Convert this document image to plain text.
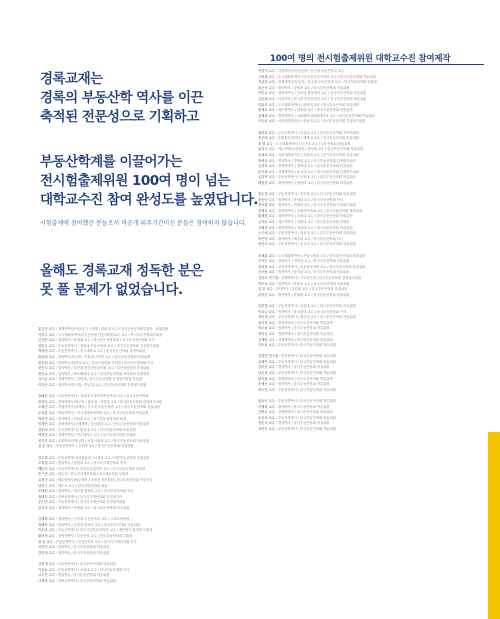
100여 명의 전시험출제위원 대학교수진 참여제작
경록교재는
경록의 부동산학 역사를 이끈
축적된 전문성으로 기획하고
부동산학계를 이끌어가는
전시험출제위원 100여 명이 넘는
대학교수진 참여 완성도를 높였답니다.
시험출제에 참여했던 분들로서 비공개 위주기간이신 분들은 참여하지 않습니다.
올해도 경록교재 정독한 분은
못 풀 문제가 없었습니다.
홍길산 교수 : 경제학박사/서울대 가시경제 / 한림대 교수 / 한국부동산학회부회장 · 편집위원
이지수 교수 : 도시계획학박사/부동산학원 전문대학원교수 교수 / 한국부동산학회부회장
김상헌 교수 : 법학박사 / 한림대 교수 / 한국부동산법학회 / 한국지식재산학회 이사
정민우 교수 : 부동산학박사 / 강남대 부동산학과 교수 / 한국부동산학회 감정평가위원
박지영 교수 : 부동산학박사 / 전주대학교 교수 / 한국부동산학회 지역학회장
최윤희 교수 : 법학박사/한국법 / 목원대 지역학 교수 / 한국부동산학회 학술위원
한승철 교수 : 법학박사/법학과 교수 / 부동산법학회 부회장 / 한국민사법학회 이사
조민지 교수 : 법학박사 / 부산대 법학전문대학원 교수 / 부산지방법원 조정위원
장인교 교수 : 법학박사 / 목포해양대 교수 / 한국부동산학회 지역학회 부회장장
김도윤 교수 : 경제학박사 / 강원대 / 한국부동산학회 감정평가위원 부회장
이하은 교수 : 법학박사/한국법 / 전남대 교수 / 한국부동산학회 감정평가위원
정혜준 교수 : 부동산학박사 / 강남대 부동산건축공학과 교수 / 한국부동산학회
최정일 교수 : 경영학박사/세무학 / 광운대 · 상경대 교수 / 한국부동산학회 감정평가위원
오세민 교수 : 경제학박사/경제학 / 건국대 부동산학과 교수 / 한국부동산학회 학술위원
윤성훈 교수 : 행정학박사 / 건국대행정대학원 교수 / 한국부동산학회 학술위원
박서연 교수 : 법학박사 / 전남대 교수 / 한국부동산법학회 회장
임재현 교수 : 경영학박사/국제경영 / 순천향대 교수 / 한국부동산학회 학술위원
강동희 교수 : 부동산학박사 / 명지대 교수 / 한국부동산학회 학술위원
백경민 교수 : 경제학박사 / 전주대학교 교수 / 한국부동산학회 부회장
신지호 교수 : 공학박사/건축공학 / 서울시립대 교수 / 한국부동산학회 학술위원
한 준 교수 : 부동산학박사 / 김천대 교수 / 한국부동산학회 학술위원
김주희 교수 : 부동산학박사/건설관리 / 서경대 교수 / 대한부동산학회 학술위원
오영철 교수 : 법학박사 / 창원대 교수 / 한국지식재산학회 이사
배민지 교수 : 부동산학박사 / 부동산산업학과 교수 / 한국부동산학회 부회장
송기현 교수 : 세무사 / 한국지식재산학회 / 한국세무학회 부회장
유정민 교수 : 세무학박사/세무경영 / 국세청 전문위원 / 한국부동산학회 학술이사
남현우 교수 : 세무사 교수 / 한국지방세학회 회장
조예린 교수 : 법학박사 / 대진대 법학과 교수 / 한국부동산학회 이사
권태호 교수 : 건축공학박사 / 한국지식재산학회 감정평가사
문수빈 교수 : 부동산학박사 / 한국지식재산학회 감정평가위원
류지석 교수 : 법학박사 / 목원대 교수 / 한국부동산학회 학술위원
김태희 교수 : 법학박사 / 건국대 부동산학과 교수 / 스포츠대학원
정해성 교수 : 법학박사 / 순천대 법학과 교수 / 한국부동산학회 학술위원
이소라 교수 : 부동산학박사 / 중소기업부동산학과 교수 / 재단법인 감정원 부원장
황보석 교수 : 경영학박사 / 부동산학 교수 / 한국부동산학회 부회장
정 윤 교수 : 건설공학박사 / 건설공학과 교수 / 한국지식재산학회 이사
서지민 교수 : 법학박사 / 한국부동산학회 학술위원
김민재 교수 : 법학박사 / 한국부동산학회 학술위원
심현재 교수 : 부동산학박사 / 한국부동산학회 학술위원
이상윤 교수 : 부동산학박사 / 서울대 교수 / 한국부동산학회 이사
고우진 교수 : 법학박사 / 한국부동산학회 학술위원
나세영 교수 : 건축공학박사 / 한국부동산학회 학술위원
이정석 교수 : 학술학박사/부동산학 / 용인대 부동산학과 교수
구희원 교수 : 도시계획학박사 / 단국대 부동산학과 교수 / 한국부동산학회 학술위원
정상철 교수 : 경제학박사/부동산 / 건국대 부동산학과 교수 / 한국부동산학회 학회장
윤준석 교수 : 법학박사 / 강원대 교수 / 한국부동산학회 학술위원
이민규 교수 : 경영학박사 / 부산대 경영대학 교수 / 한국부동산학회 학술위원
유선혜 교수 : 학술박사 / 단국대 부동산학과 교수 / 한국부동산학회 학술위원
한효진 교수 : 도시계획학박사 / 한양대 교수 / 한국부동산학회 학술위원
최재우 교수 : 세무학박사 / 한양대 교수 / 한국부동산학회 학술위원
김혜원 교수 : 행정학박사 / 서울벤처대학원대학교 교수 / 한국부동산학회 학술위원
이승윤 교수 : 서울대법학전공 / 충남대 교수 / 한국부동산학회 감정평가위원
권영호 교수 : 부동산학박사 / 서울대 교수 / 한국부동산학회 지역학회장
장은비 교수 : 통합불사업학부 / 계명대 교수 / 한국부동산학회 학술위원
최 별 교수 : 도시계획학박사 / 부산대 교수 / 부동산학회 편집위원
홍성민 교수 : 세무학박사/경영학 / 경성대 교수 / 한국부동산학회 학술위원
김대호 교수 : 서울대법학전공 / 서울대 교수 / 한국부동산학회 학술위원
박세나 교수 : 법학박사 / 경북대 교수 / 한국부동산학회 감정평가위원
김정호 교수 : 경제학박사 / 경북대 교수 / 한국부동산학회 학술위원
문지원 교수 : 경제학박사 / 동국대 교수 / 한국부동산학회 감정평가위원
유지영 교수 : 부동산학박사 / 인천대 교수 / 한국부동산학회 학술위원
배성현 교수 : 행정학박사 / 영남대 교수 / 한국부동산학회 학술위원
정수정 교수 : 부동산학박사 / 전주대 교수 / 한국부동산학회 학술위원
전동민 교수 : 법학박사 / 한양대 교수 / 한국부동산학회 이사
변지훈 교수 : 법학박사 / 세명대 교수 / 한국부동산학회 감정평가위원
강예슬 교수 : 경제학박사 / 국제사이버대 교수 / 한국부동산학회 학술위원
황재원 교수 : 경영학박사 / 호원대 교수 / 한국부동산학회 학술위원
주하늘 교수 : 세무학박사 / 서원대 교수 / 한국부동산학회 부회장
오태현 교수 : 행정학박사 / 경성대 교수 / 한국부동산학회 학술위원
노은채 교수 : 부동산학박사 / 광운대 교수 / 한국부동산학회 학술위원
허준영 교수 : 법학박사 / 제주대 교수 / 한국부동산학회 이사
곽민서 교수 : 부동산학박사 / 전주대 교수 / 한국부동산학회 학술위원
조재훈 교수 : 도시계획학박사 / 서울시립대 교수 / 한국부동산학회 학술위원
이가은 교수 : 법학박사 / 경북대 교수 / 한국부동산학회 학술위원
최성현 교수 : 부동산학박사 / 서울사이버대 교수 / 한국부동산학회 학술위원
신보람 교수 : 법학박사 / 동의대 교수 / 한국부동산학회 학술위원
김민호 연구원 : 경제학박사 / 국토연구원 / 한국부동산학회 감정평가위원
박준서 교수 : 법학박사 / 목원대 교수 / 한국부동산학회 학술위원
임 건 교수 : 법학박사 / 강원대 교수 / 한국부동산학회 학술위원
윤하린 교수 : 법학박사 / 한림대 교수 / 한국부동산학회 학술위원
김한빛 교수 : 부동산학박사 / 서울대 교수 / 한국부동산학회 학술위원
송유나 교수 : 법학박사 / 한국외대 교수 / 한국부동산학회 이사
차민혁 교수 : 부동산학박사 / 청주대 교수 / 한국부동산학회 학술위원
엄지현 교수 : 경영학박사 / 한국부동산학회 학술위원
석도윤 교수 : 법학박사 / 한국부동산학회 학술위원
양서윤 교수 : 행정학박사 / 한국부동산학회 학술위원
금태양 교수 : 경제학박사 / 한국부동산학회 학술위원
진소율 교수 : 부동산학박사 / 한국부동산학회 학술위원
김영빈 연구원 : 경영학박사 / 한국부동산학회 학술위원
유태민 교수 : 부동산학박사 / 한국부동산학회 학술위원
김하준 교수 : 법학박사 / 한국부동산학회 학술위원
남궁솔 교수 : 부동산학박사 / 한국부동산학회 학술위원
편지원 교수 : 경제학박사 / 한국부동산학회 학술위원
손예준 교수 : 법학박사 / 한국부동산학회 학술위원
하도현 교수 : 부동산학박사 / 한국부동산학회 학술위원
홍동민 교수 : 부동산학박사 / 한국부동산학회 학술위원
이채원 교수 : 법학박사 / 한국부동산학회 학술위원
강현우 교수 : 경제학박사 / 한국부동산학회 학술위원
조윤서 교수 : 부동산학박사 / 한국부동산학회 학술위원
장민석 교수 : 법학박사 / 한국부동산학회 학술위원
서하은 교수 : 부동산학박사 / 한국부동산학회 학술위원
